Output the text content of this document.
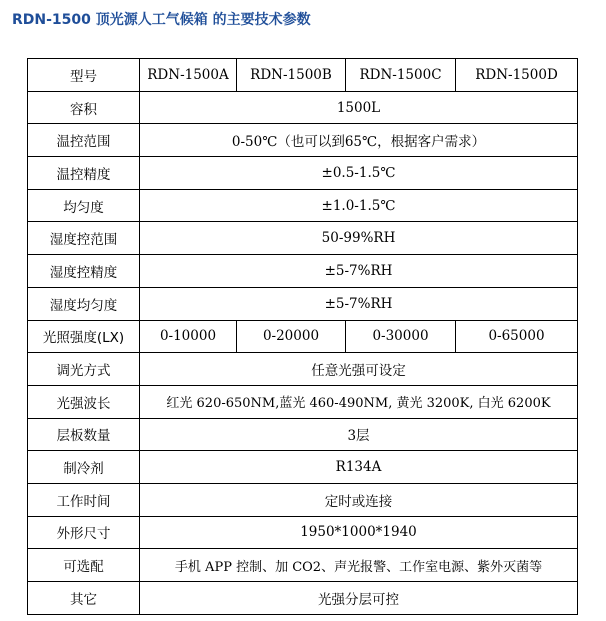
RDN-1500 顶光源人工气候箱 的主要技术参数
型号	RDN-1500A	RDN-1500B	RDN-1500C	RDN-1500D
容积	1500L			
温控范围	0-50℃（也可以到65℃，根据客户需求）			
温控精度	±0.5-1.5℃			
均匀度	±1.0-1.5℃			
湿度控范围	50-99%RH			
湿度控精度	±5-7%RH			
湿度均匀度	±5-7%RH			
光照强度(LX)	0-10000	0-20000	0-30000	0-65000
调光方式	任意光强可设定			
光强波长	红光 620-650NM,蓝光 460-490NM, 黄光 3200K, 白光 6200K			
层板数量	3层			
制冷剂	R134A			
工作时间	定时或连接			
外形尺寸	1950*1000*1940			
可选配	手机 APP 控制、加 CO2、声光报警、工作室电源、紫外灭菌等			
其它	光强分层可控			
